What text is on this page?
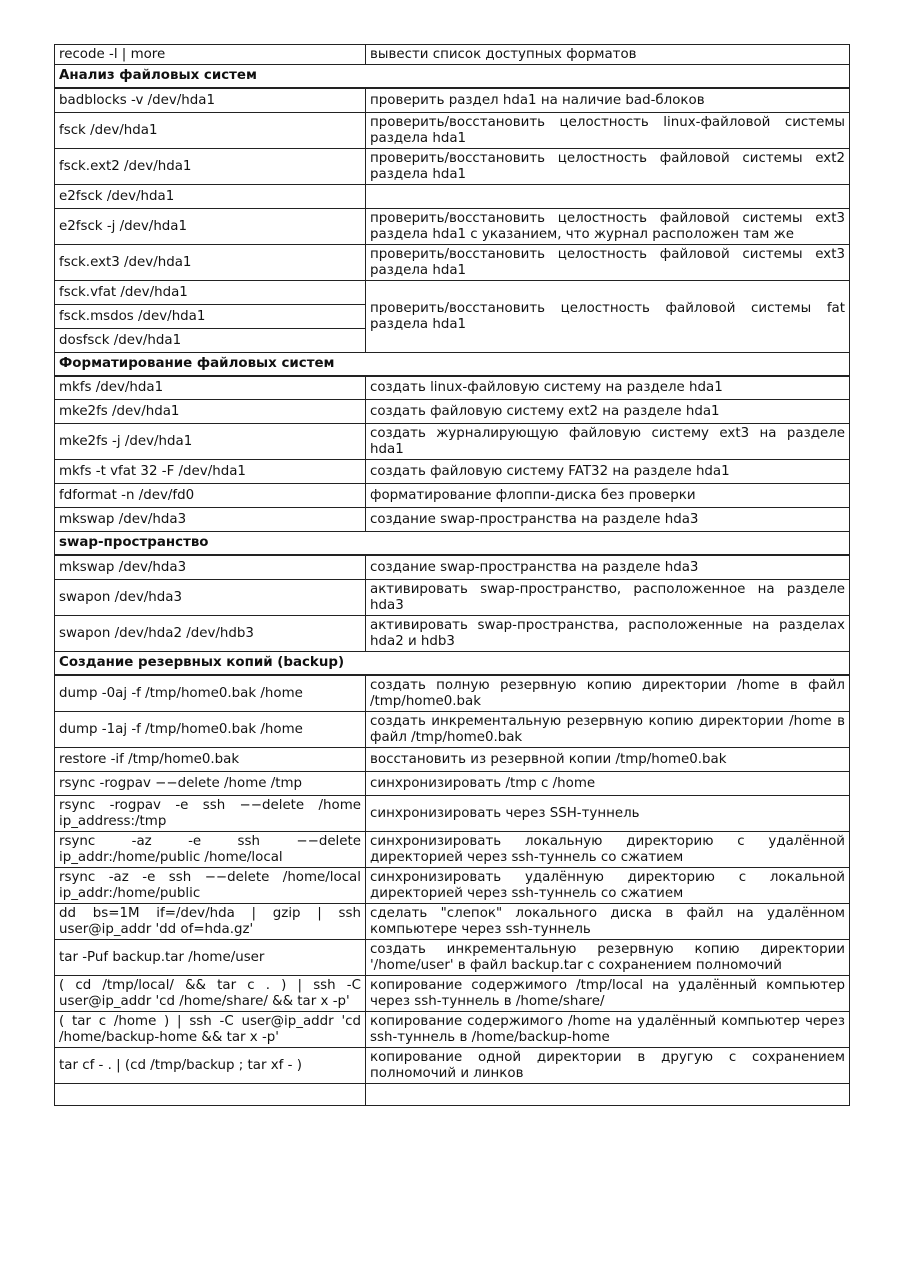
recode -l | more	вывести список доступных форматов
Анализ файловых систем	
badblocks -v /dev/hda1	проверить раздел hda1 на наличие bad-блоков
fsck /dev/hda1	проверить/восстановить целостность linux-файловой системы раздела hda1
fsck.ext2 /dev/hda1	проверить/восстановить целостность файловой системы ext2 раздела hda1
e2fsck /dev/hda1	
e2fsck -j /dev/hda1	проверить/восстановить целостность файловой системы ext3 раздела hda1 с указанием, что журнал расположен там же
fsck.ext3 /dev/hda1	проверить/восстановить целостность файловой системы ext3 раздела hda1
fsck.vfat /dev/hda1	проверить/восстановить целостность файловой системы fat раздела hda1
fsck.msdos /dev/hda1	
dosfsck /dev/hda1	
Форматирование файловых систем	
mkfs /dev/hda1	создать linux-файловую систему на разделе hda1
mke2fs /dev/hda1	создать файловую систему ext2 на разделе hda1
mke2fs -j /dev/hda1	создать журналирующую файловую систему ext3 на разделе hda1
mkfs -t vfat 32 -F /dev/hda1	создать файловую систему FAT32 на разделе hda1
fdformat -n /dev/fd0	форматирование флоппи-диска без проверки
mkswap /dev/hda3	создание swap-пространства на разделе hda3
swap-пространство	
mkswap /dev/hda3	создание swap-пространства на разделе hda3
swapon /dev/hda3	активировать swap-пространство, расположенное на разделе hda3
swapon /dev/hda2 /dev/hdb3	активировать swap-пространства, расположенные на разделах hda2 и hdb3
Создание резервных копий (backup)	
dump -0aj -f /tmp/home0.bak /home	создать полную резервную копию директории /home в файл /tmp/home0.bak
dump -1aj -f /tmp/home0.bak /home	создать инкрементальную резервную копию директории /home в файл /tmp/home0.bak
restore -if /tmp/home0.bak	восстановить из резервной копии /tmp/home0.bak
rsync -rogpav −−delete /home /tmp	синхронизировать /tmp с /home
rsync -rogpav -e ssh −−delete /home ip_address:/tmp	синхронизировать через SSH-туннель
rsync -az -e ssh −−delete ip_addr:/home/public /home/local	синхронизировать локальную директорию с удалённой директорией через ssh-туннель со сжатием
rsync -az -e ssh −−delete /home/local ip_addr:/home/public	синхронизировать удалённую директорию с локальной директорией через ssh-туннель со сжатием
dd bs=1M if=/dev/hda | gzip | ssh user@ip_addr 'dd of=hda.gz'	сделать "слепок" локального диска в файл на удалённом компьютере через ssh-туннель
tar -Puf backup.tar /home/user	создать инкрементальную резервную копию директории '/home/user' в файл backup.tar с сохранением полномочий
( cd /tmp/local/ && tar c . ) | ssh -C user@ip_addr 'cd /home/share/ && tar x -p'	копирование содержимого /tmp/local на удалённый компьютер через ssh-туннель в /home/share/
( tar c /home ) | ssh -C user@ip_addr 'cd /home/backup-home && tar x -p'	копирование содержимого /home на удалённый компьютер через ssh-туннель в /home/backup-home
tar cf - . | (cd /tmp/backup ; tar xf - )	копирование одной директории в другую с сохранением полномочий и линков
